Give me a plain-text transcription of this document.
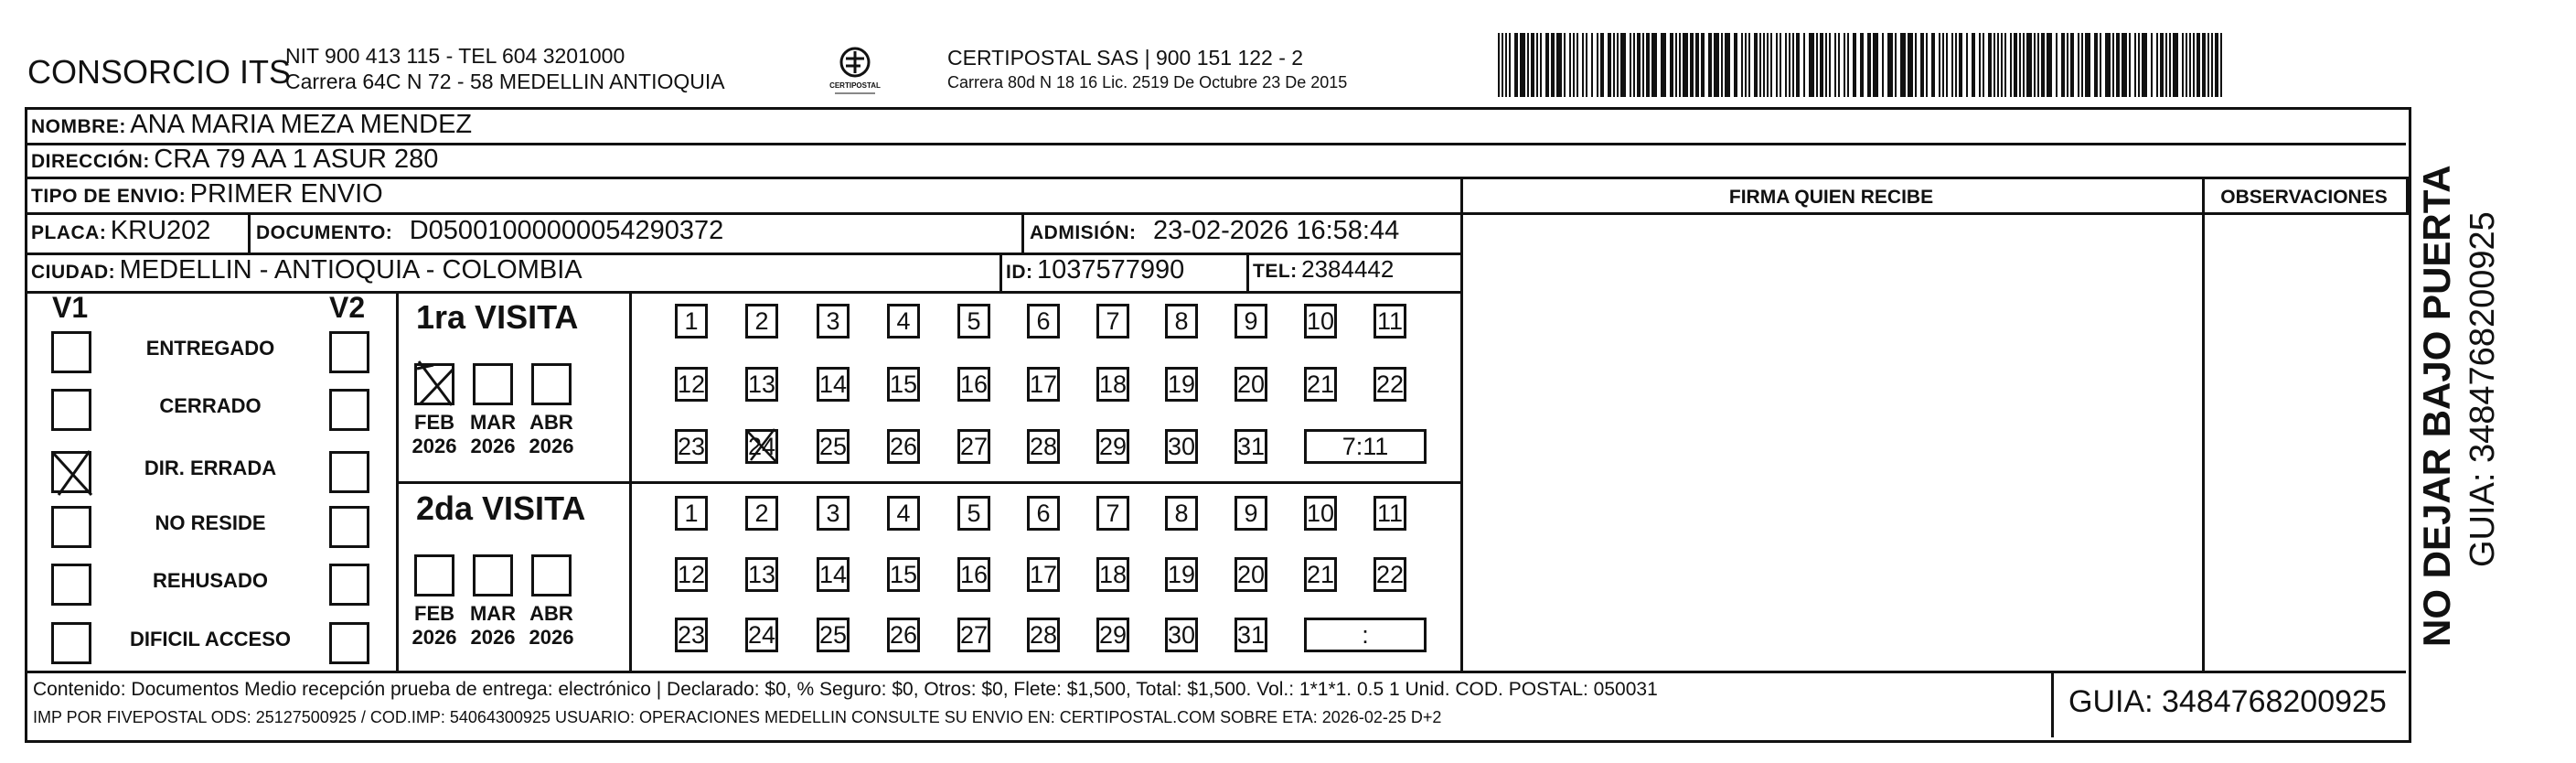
CONSORCIO ITS
NIT 900 413 115 - TEL 604 3201000
Carrera 64C N 72 - 58 MEDELLIN ANTIOQUIA	CERTIPOSTAL
CERTIPOSTAL SAS | 900 151 122 - 2
Carrera 80d N 18 16 Lic. 2519 De Octubre 23 De 2015
NOMBRE: ANA MARIA MEZA MENDEZ
DIRECCIÓN: CRA 79 AA 1 ASUR 280
TIPO DE ENVIO: PRIMER ENVIO	FIRMA QUIEN RECIBE	OBSERVACIONES
PLACA: KRU202 DOCUMENTO: D05001000000054290372	ADMISIÓN: 23-02-2026 16:58:44
CIUDAD: MEDELLIN - ANTIOQUIA - COLOMBIA	ID: 1037577990	TEL: 2384442
V1	V2
ENTREGADO
CERRADO
DIR. ERRADA
NO RESIDE
REHUSADO
DIFICIL ACCESO
1ra VISITA
2da VISITA
FEB
2026
MAR
2026
ABR
2026
FEB
2026
MAR
2026
ABR
2026
1	2	3	4	5	6	7	8	9	10 11
12 13 14 15 16 17 18 19 20 21 22
23 24 25 26 27 28 29 30 31	7:11
1	2	3	4	5	6	7	8	9	10 11
12 13 14 15 16 17 18 19 20 21 22
23 24 25 26 27 28 29 30 31	:
Contenido: Documentos Medio recepción prueba de entrega: electrónico | Declarado: $0, % Seguro: $0, Otros: $0, Flete: $1,500, Total: $1,500. Vol.: 1*1*1. 0.5 1 Unid. COD. POSTAL: 050031
IMP POR FIVEPOSTAL ODS: 25127500925 / COD.IMP: 54064300925 USUARIO: OPERACIONES MEDELLIN CONSULTE SU ENVIO EN: CERTIPOSTAL.COM SOBRE ETA: 2026-02-25 D+2	GUIA: 3484768200925
NO DEJAR BAJO PUERTA GUIA: 3484768200925
